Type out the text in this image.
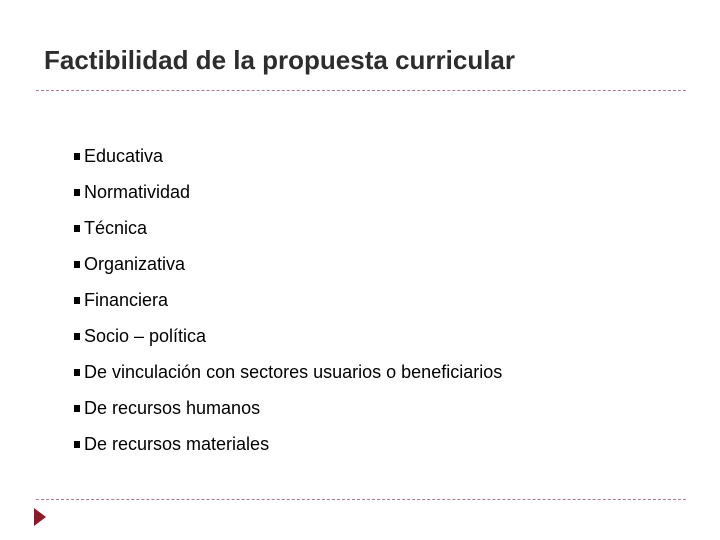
Factibilidad de la propuesta curricular
Educativa
Normatividad
Técnica
Organizativa
Financiera
Socio – política
De vinculación con sectores usuarios o beneficiarios
De recursos humanos
De recursos materiales
